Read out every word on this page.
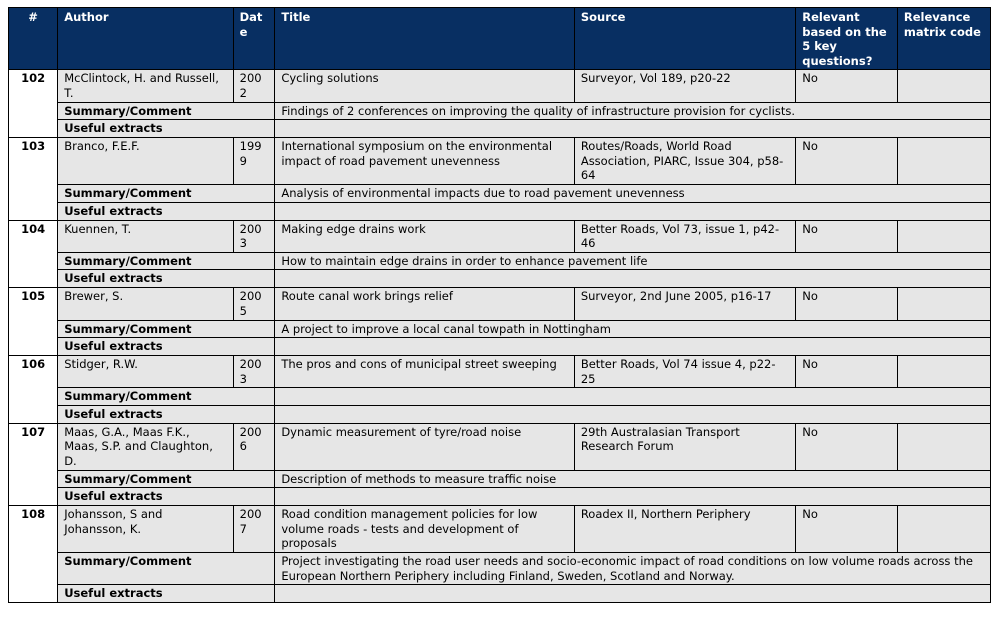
#	Author	Date	Title	Source	Relevant based on the 5 key questions?	Relevance matrix code
102	McClintock, H. and Russell, T.	2002	Cycling solutions	Surveyor, Vol 189, p20-22	No	
	Summary/Comment		Findings of 2 conferences on improving the quality of infrastructure provision for cyclists.			
	Useful extracts					
103	Branco, F.E.F.	1999	International symposium on the environmental impact of road pavement unevenness	Routes/Roads, World Road Association, PIARC, Issue 304, p58-64	No	
	Summary/Comment		Analysis of environmental impacts due to road pavement unevenness			
	Useful extracts					
104	Kuennen, T.	2003	Making edge drains work	Better Roads, Vol 73, issue 1, p42-46	No	
	Summary/Comment		How to maintain edge drains in order to enhance pavement life			
	Useful extracts					
105	Brewer, S.	2005	Route canal work brings relief	Surveyor, 2nd June 2005, p16-17	No	
	Summary/Comment		A project to improve a local canal towpath in Nottingham			
	Useful extracts					
106	Stidger, R.W.	2003	The pros and cons of municipal street sweeping	Better Roads, Vol 74 issue 4, p22-25	No	
	Summary/Comment					
	Useful extracts					
107	Maas, G.A., Maas F.K., Maas, S.P. and Claughton, D.	2006	Dynamic measurement of tyre/road noise	29th Australasian Transport Research Forum	No	
	Summary/Comment		Description of methods to measure traffic noise			
	Useful extracts					
108	Johansson, S and Johansson, K.	2007	Road condition management policies for low volume roads - tests and development of proposals	Roadex II, Northern Periphery	No	
	Summary/Comment		Project investigating the road user needs and socio-economic impact of road conditions on low volume roads across the European Northern Periphery including Finland, Sweden, Scotland and Norway.			
	Useful extracts					
